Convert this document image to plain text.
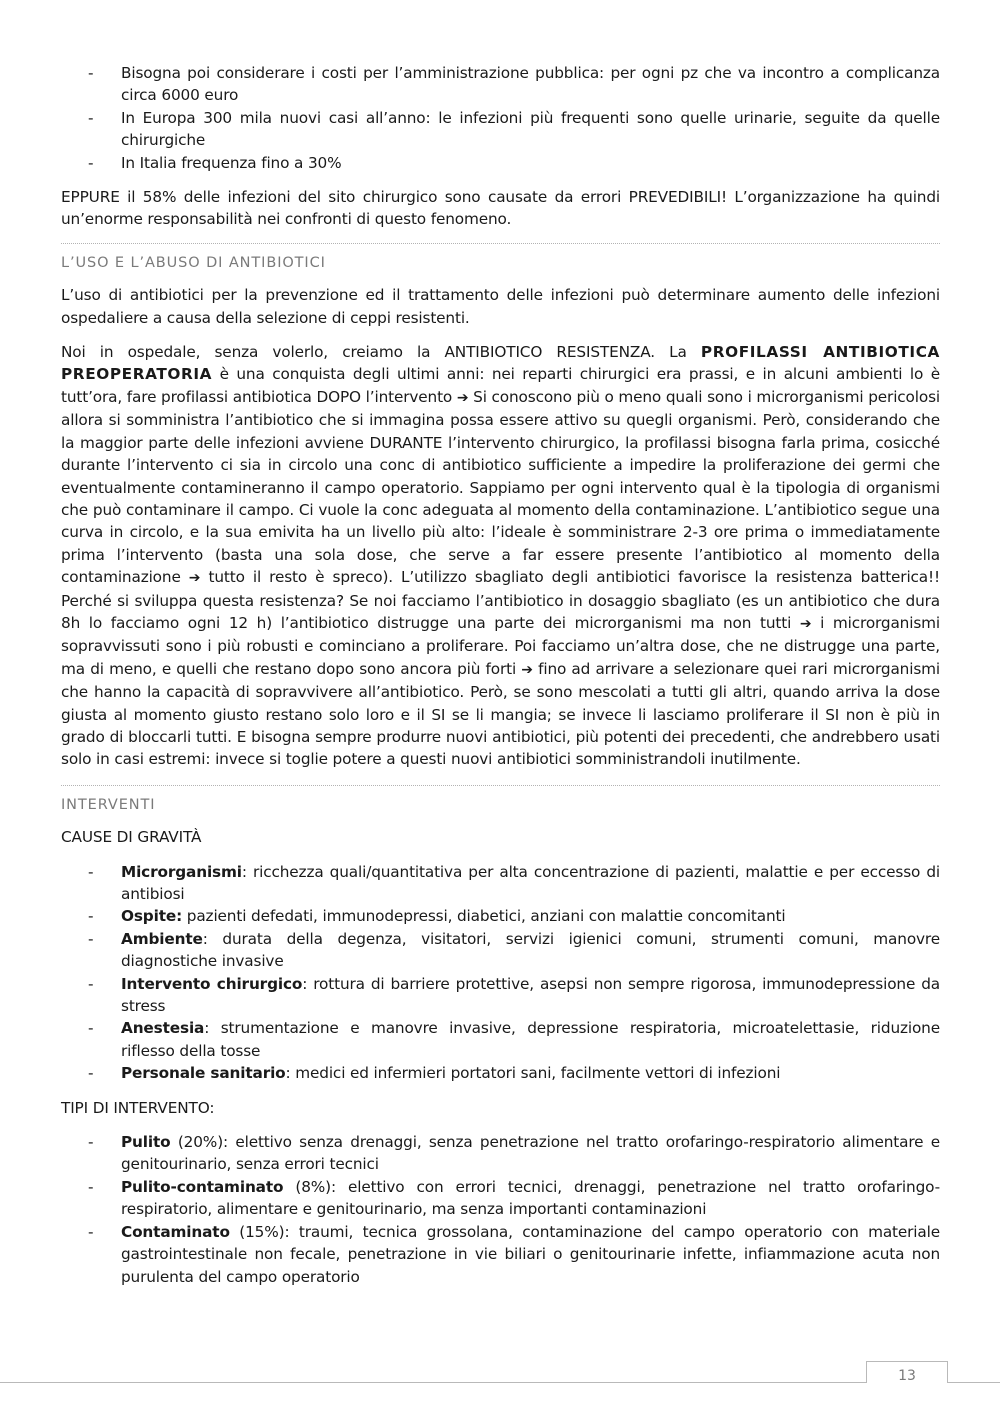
- Bisogna poi considerare i costi per l’amministrazione pubblica: per ogni pz che va incontro a complicanza circa 6000 euro
- In Europa 300 mila nuovi casi all’anno: le infezioni più frequenti sono quelle urinarie, seguite da quelle chirurgiche
- In Italia frequenza fino a 30%

EPPURE il 58% delle infezioni del sito chirurgico sono causate da errori PREVEDIBILI! L’organizzazione ha quindi un’enorme responsabilità nei confronti di questo fenomeno.

L’USO E L’ABUSO DI ANTIBIOTICI

L’uso di antibiotici per la prevenzione ed il trattamento delle infezioni può determinare aumento delle infezioni ospedaliere a causa della selezione di ceppi resistenti.

Noi in ospedale, senza volerlo, creiamo la ANTIBIOTICO RESISTENZA. La PROFILASSI ANTIBIOTICA PREOPERATORIA è una conquista degli ultimi anni: nei reparti chirurgici era prassi, e in alcuni ambienti lo è tutt’ora, fare profilassi antibiotica DOPO l’intervento ➔ Si conoscono più o meno quali sono i microrganismi pericolosi allora si somministra l’antibiotico che si immagina possa essere attivo su quegli organismi. Però, considerando che la maggior parte delle infezioni avviene DURANTE l’intervento chirurgico, la profilassi bisogna farla prima, cosicché durante l’intervento ci sia in circolo una conc di antibiotico sufficiente a impedire la proliferazione dei germi che eventualmente contamineranno il campo operatorio. Sappiamo per ogni intervento qual è la tipologia di organismi che può contaminare il campo. Ci vuole la conc adeguata al momento della contaminazione. L’antibiotico segue una curva in circolo, e la sua emivita ha un livello più alto: l’ideale è somministrare 2-3 ore prima o immediatamente prima l’intervento (basta una sola dose, che serve a far essere presente l’antibiotico al momento della contaminazione ➔ tutto il resto è spreco). L’utilizzo sbagliato degli antibiotici favorisce la resistenza batterica!! Perché si sviluppa questa resistenza? Se noi facciamo l’antibiotico in dosaggio sbagliato (es un antibiotico che dura 8h lo facciamo ogni 12 h) l’antibiotico distrugge una parte dei microrganismi ma non tutti ➔ i microrganismi sopravvissuti sono i più robusti e cominciano a proliferare. Poi facciamo un’altra dose, che ne distrugge una parte, ma di meno, e quelli che restano dopo sono ancora più forti ➔ fino ad arrivare a selezionare quei rari microrganismi che hanno la capacità di sopravvivere all’antibiotico. Però, se sono mescolati a tutti gli altri, quando arriva la dose giusta al momento giusto restano solo loro e il SI se li mangia; se invece li lasciamo proliferare il SI non è più in grado di bloccarli tutti. E bisogna sempre produrre nuovi antibiotici, più potenti dei precedenti, che andrebbero usati solo in casi estremi: invece si toglie potere a questi nuovi antibiotici somministrandoli inutilmente.

INTERVENTI

CAUSE DI GRAVITÀ

- Microrganismi: ricchezza quali/quantitativa per alta concentrazione di pazienti, malattie e per eccesso di antibiosi
- Ospite: pazienti defedati, immunodepressi, diabetici, anziani con malattie concomitanti
- Ambiente: durata della degenza, visitatori, servizi igienici comuni, strumenti comuni, manovre diagnostiche invasive
- Intervento chirurgico: rottura di barriere protettive, asepsi non sempre rigorosa, immunodepressione da stress
- Anestesia: strumentazione e manovre invasive, depressione respiratoria, microatelettasie, riduzione riflesso della tosse
- Personale sanitario: medici ed infermieri portatori sani, facilmente vettori di infezioni

TIPI DI INTERVENTO:

- Pulito (20%): elettivo senza drenaggi, senza penetrazione nel tratto orofaringo-respiratorio alimentare e genitourinario, senza errori tecnici
- Pulito-contaminato (8%): elettivo con errori tecnici, drenaggi, penetrazione nel tratto orofaringo-respiratorio, alimentare e genitourinario, ma senza importanti contaminazioni
- Contaminato (15%): traumi, tecnica grossolana, contaminazione del campo operatorio con materiale gastrointestinale non fecale, penetrazione in vie biliari o genitourinarie infette, infiammazione acuta non purulenta del campo operatorio
13
